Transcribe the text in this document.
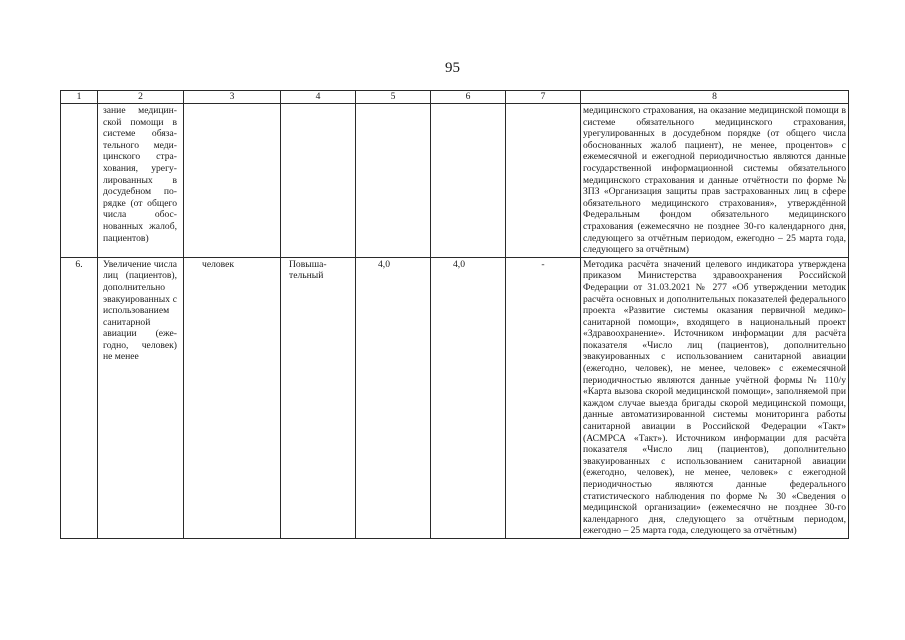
95
1	2	3	4	5	6	7	8
	зание медицинской помощи в системе обязательного медицинского страхования, урегулированных в досудебном порядке (от общего числа обоснованных жалоб, пациентов)						медицинского страхования, на оказание медицинской помощи в системе обязательного медицинского страхования, урегулированных в досудебном порядке (от общего числа обоснованных жалоб пациент), не менее, процентов» с ежемесячной и ежегодной периодичностью являются данные государственной информационной системы обязательного медицинского страхования и данные отчётности по форме № ЗПЗ «Организация защиты прав застрахованных лиц в сфере обязательного медицинского страхования», утверждённой Федеральным фондом обязательного медицинского страхования (ежемесячно не позднее 30-го календарного дня, следующего за отчётным периодом, ежегодно – 25 марта года, следующего за отчётным)
6.	Увеличение числа лиц (пациентов), дополнительно эвакуированных с использованием санитарной авиации (ежегодно, человек) не менее	человек	Повышательный	4,0	4,0	-	Методика расчёта значений целевого индикатора утверждена приказом Министерства здравоохранения Российской Федерации от 31.03.2021 № 277 «Об утверждении методик расчёта основных и дополнительных показателей федерального проекта «Развитие системы оказания первичной медико-санитарной помощи», входящего в национальный проект «Здравоохранение». Источником информации для расчёта показателя «Число лиц (пациентов), дополнительно эвакуированных с использованием санитарной авиации (ежегодно, человек), не менее, человек» с ежемесячной периодичностью являются данные учётной формы № 110/у «Карта вызова скорой медицинской помощи», заполняемой при каждом случае выезда бригады скорой медицинской помощи, данные автоматизированной системы мониторинга работы санитарной авиации в Российской Федерации «Такт» (АСМРСА «Такт»). Источником информации для расчёта показателя «Число лиц (пациентов), дополнительно эвакуированных с использованием санитарной авиации (ежегодно, человек), не менее, человек» с ежегодной периодичностью являются данные федерального статистического наблюдения по форме № 30 «Сведения о медицинской организации» (ежемесячно не позднее 30-го календарного дня, следующего за отчётным периодом, ежегодно – 25 марта года, следующего за отчётным)
